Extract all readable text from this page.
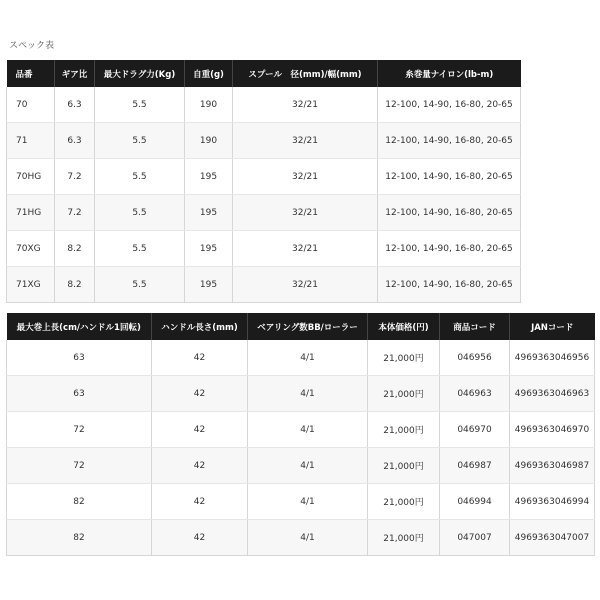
スペック表
品番	ギア比	最大ドラグ力(Kg)	自重(g)	スプール　径(mm)/幅(mm)	糸巻量ナイロン(lb-m)
70	6.3	5.5	190	32/21	12-100, 14-90, 16-80, 20-65
71	6.3	5.5	190	32/21	12-100, 14-90, 16-80, 20-65
70HG	7.2	5.5	195	32/21	12-100, 14-90, 16-80, 20-65
71HG	7.2	5.5	195	32/21	12-100, 14-90, 16-80, 20-65
70XG	8.2	5.5	195	32/21	12-100, 14-90, 16-80, 20-65
71XG	8.2	5.5	195	32/21	12-100, 14-90, 16-80, 20-65
最大巻上長(cm/ハンドル1回転)	ハンドル長さ(mm)	ベアリング数BB/ローラー	本体価格(円)	商品コード	JANコード
63	42	4/1	21,000円	046956	4969363046956
63	42	4/1	21,000円	046963	4969363046963
72	42	4/1	21,000円	046970	4969363046970
72	42	4/1	21,000円	046987	4969363046987
82	42	4/1	21,000円	046994	4969363046994
82	42	4/1	21,000円	047007	4969363047007
